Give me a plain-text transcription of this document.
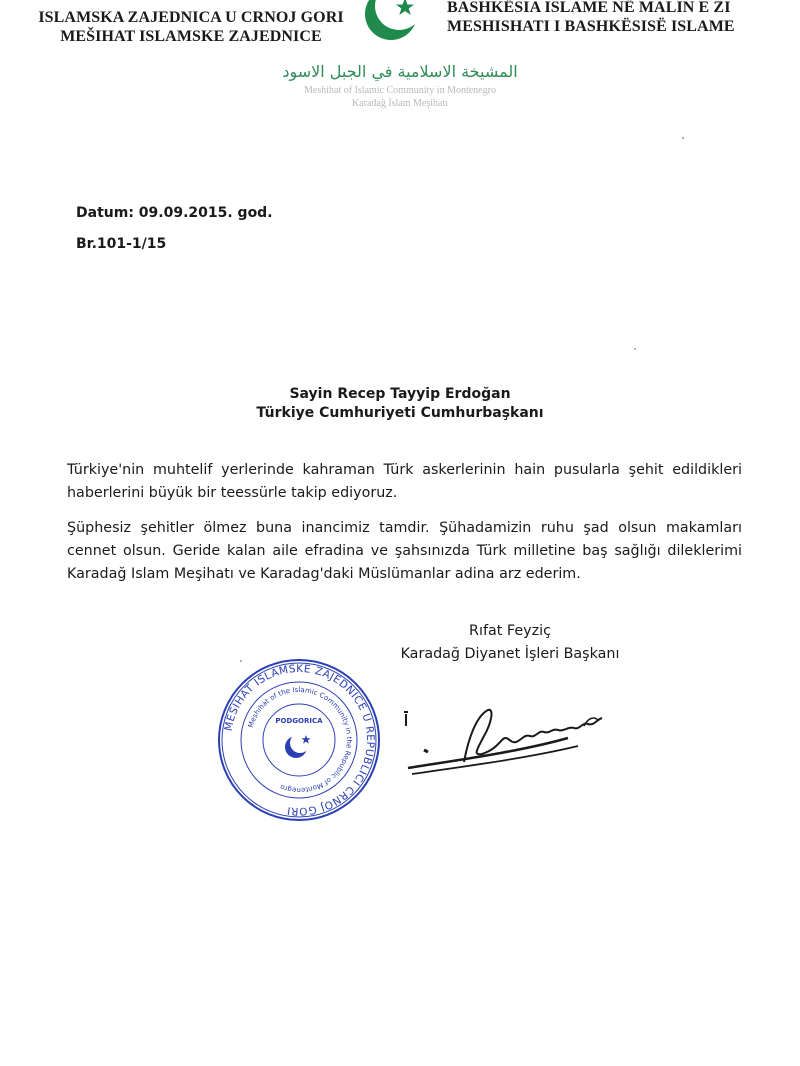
ISLAMSKA ZAJEDNICA U CRNOJ GORI
MEŠIHAT ISLAMSKE ZAJEDNICE
BASHKËSIA ISLAME NË MALIN E ZI
MESHISHATI I BASHKËSISË ISLAME
المشيخة الاسلامية في الجبل الاسود
Meshihat of Islamic Community in Montenegro
Karadağ İslam Meşihatı
Datum: 09.09.2015. god.
Br.101-1/15
Sayin Recep Tayyip Erdoğan
Türkiye Cumhuriyeti Cumhurbaşkanı

Türkiye'nin muhtelif yerlerinde kahraman Türk askerlerinin hain pusularla şehit edildikleri haberlerini büyük bir teessürle takip ediyoruz.

Şüphesiz şehitler ölmez buna inancimiz tamdir. Şühadamizin ruhu şad olsun makamları cennet olsun. Geride kalan aile efradina ve şahsınızda Türk milletine baş sağlığı dileklerimi Karadağ Islam Meşihatı ve Karadag'daki Müslümanlar adina arz ederim.

Rıfat Feyziç
Karadağ Diyanet İşleri Başkanı
MEŠIHAT ISLAMSKE ZAJEDNICE U REPUBLICI CRNOJ GORI
Meshihat of the Islamic Community in the Republic of Montenegro
PODGORICA
